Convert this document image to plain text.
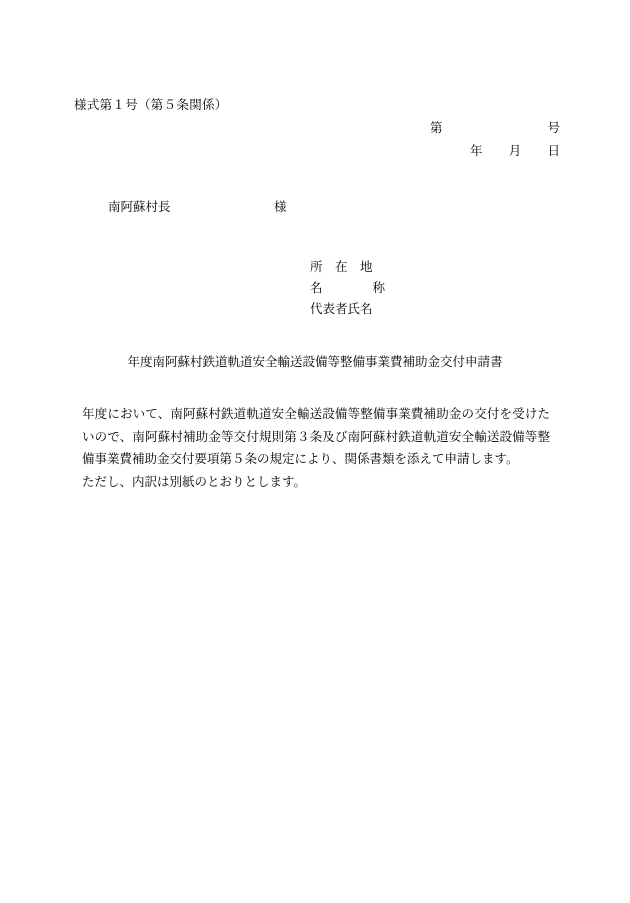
様式第１号（第５条関係）
第	号
年 月 日
南阿蘇村長	様
所　在　地
名　　　　称
代表者氏名
年度南阿蘇村鉄道軌道安全輸送設備等整備事業費補助金交付申請書

年度において、南阿蘇村鉄道軌道安全輸送設備等整備事業費補助金の交付を受けたいので、南阿蘇村補助金等交付規則第３条及び南阿蘇村鉄道軌道安全輸送設備等整備事業費補助金交付要項第５条の規定により、関係書類を添えて申請します。

ただし、内訳は別紙のとおりとします。
